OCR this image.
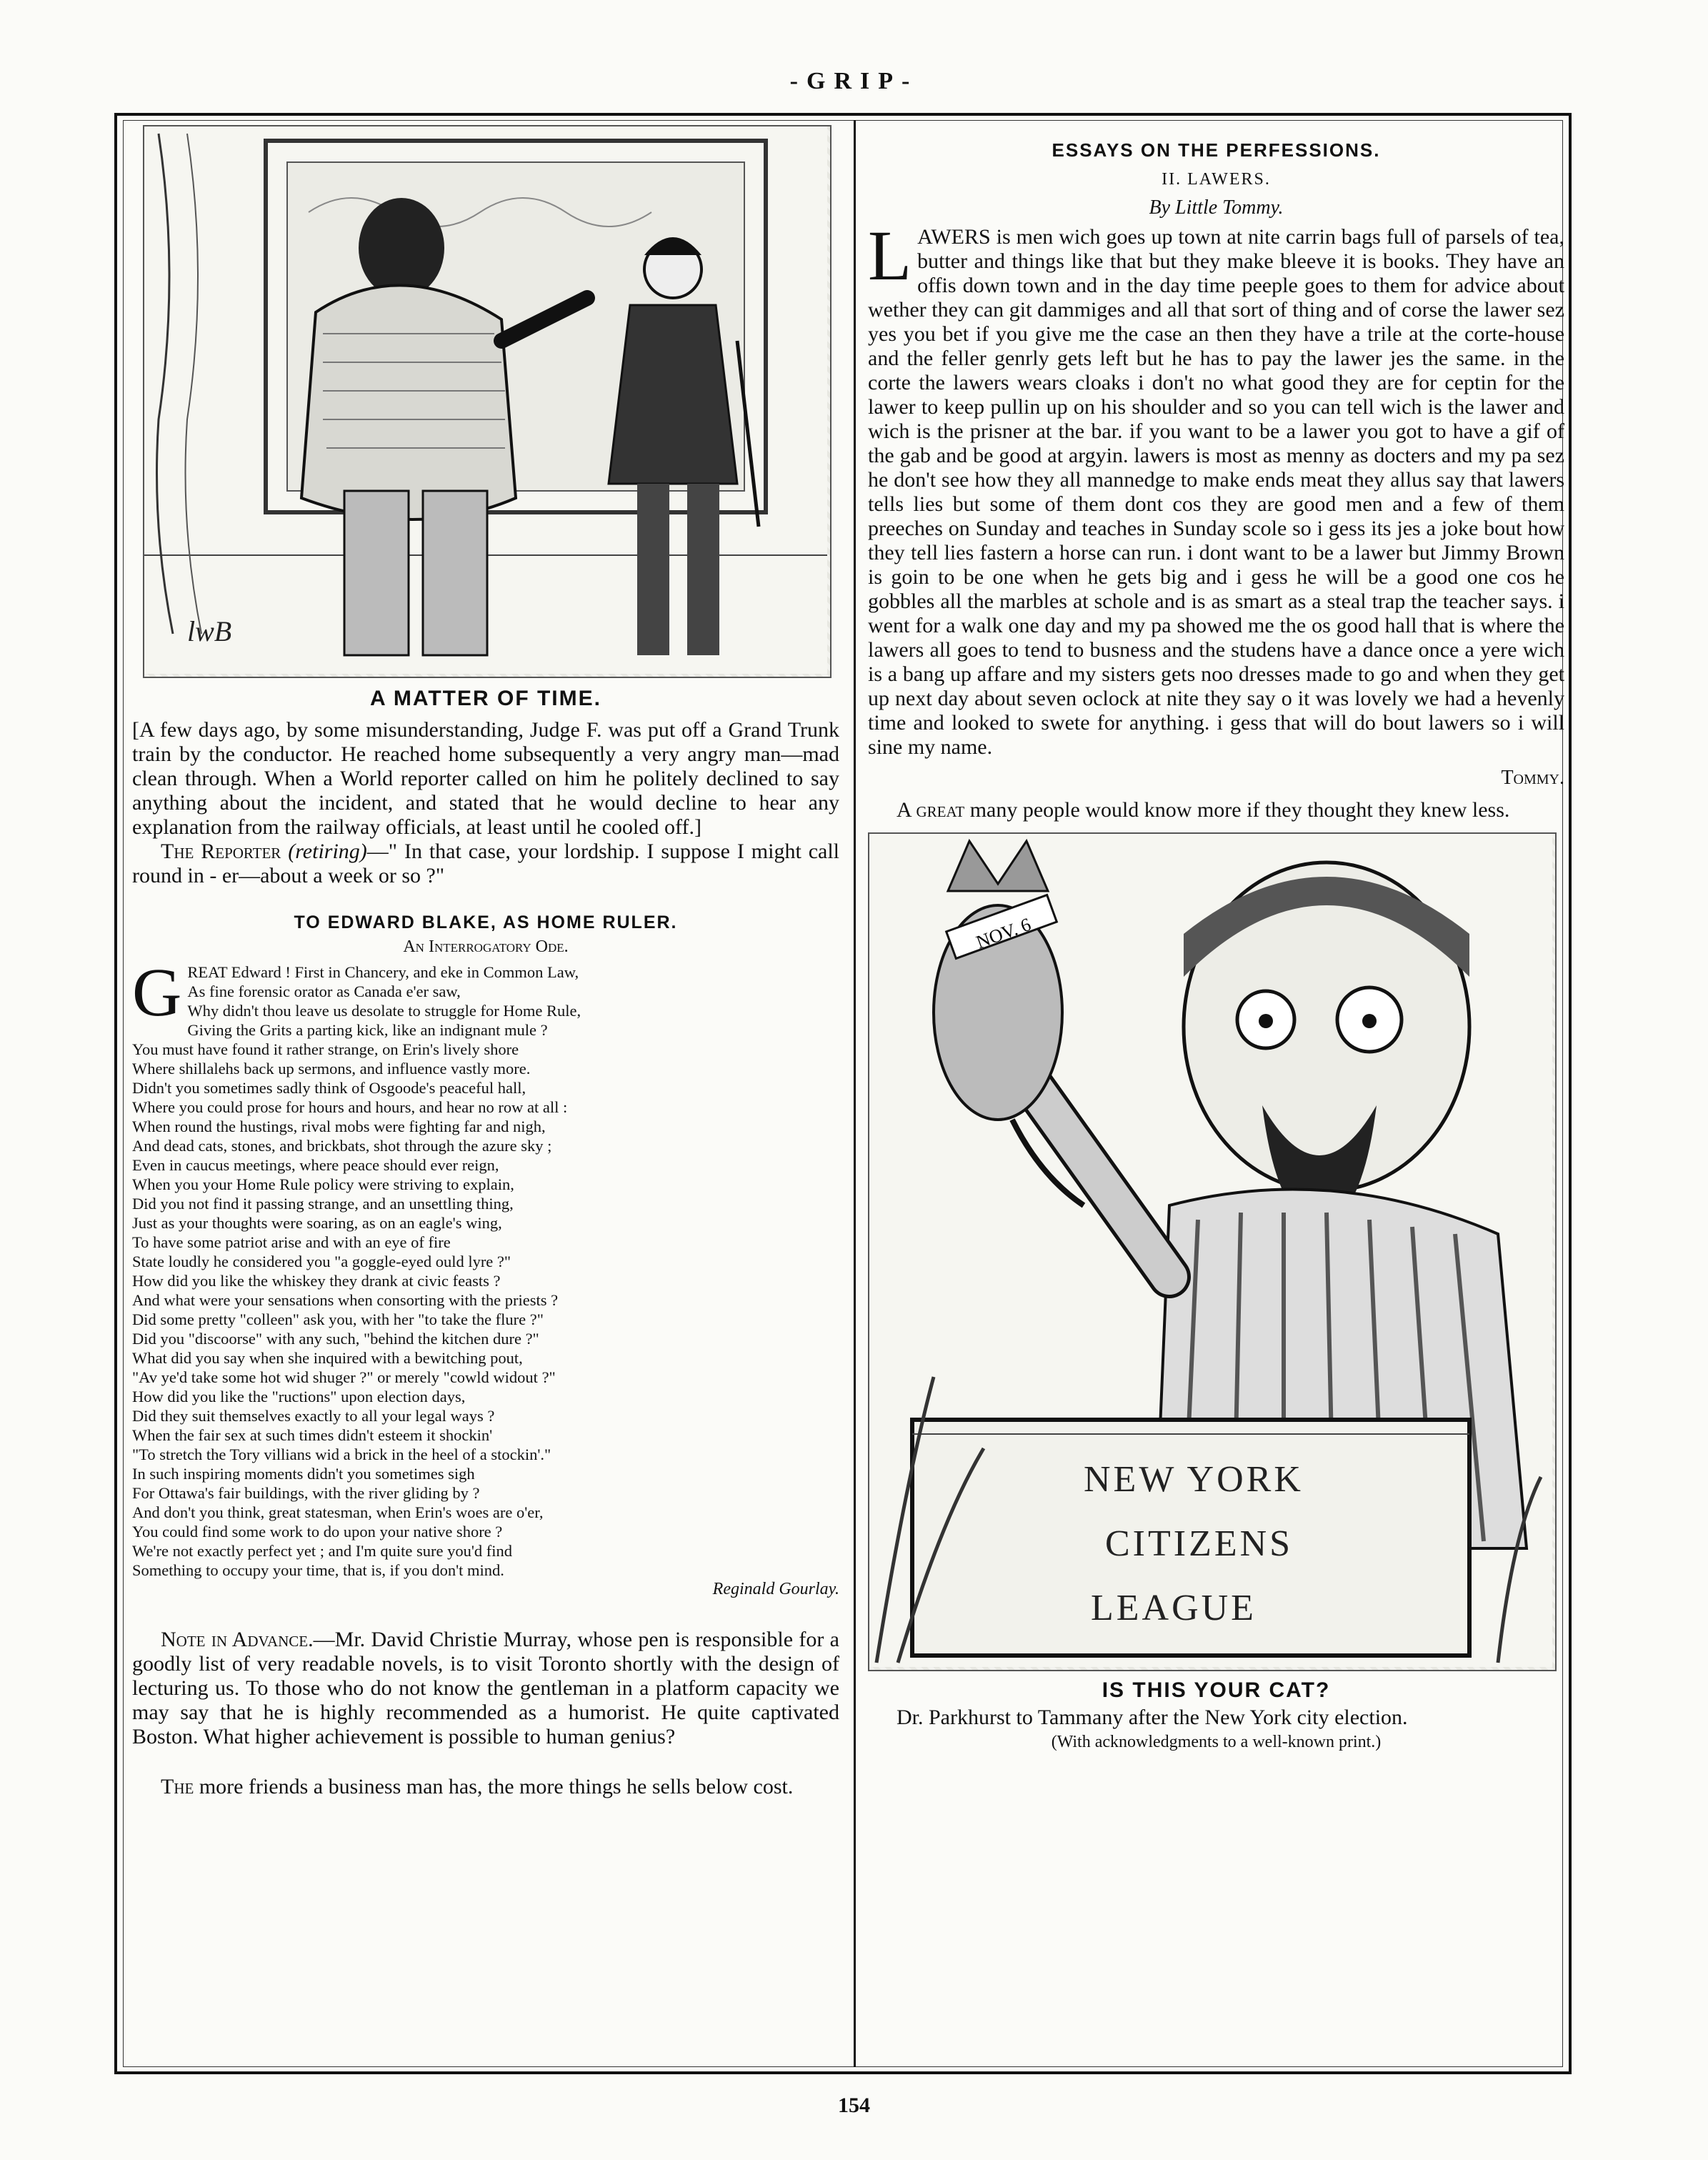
-GRIP-
lwB
A MATTER OF TIME.

[A few days ago, by some misunderstanding, Judge F. was put off a Grand Trunk train by the conductor. He reached home subsequently a very angry man—mad clean through. When a World reporter called on him he politely declined to say anything about the incident, and stated that he would decline to hear any explanation from the railway officials, at least until he cooled off.]

The Reporter (retiring)—" In that case, your lordship. I suppose I might call round in - er—about a week or so ?"

TO EDWARD BLAKE, AS HOME RULER.
An Interrogatory Ode.
G REAT Edward ! First in Chancery, and eke in Common Law,
As fine forensic orator as Canada e'er saw,
Why didn't thou leave us desolate to struggle for Home Rule,
Giving the Grits a parting kick, like an indignant mule ?
You must have found it rather strange, on Erin's lively shore
Where shillalehs back up sermons, and influence vastly more.
Didn't you sometimes sadly think of Osgoode's peaceful hall,
Where you could prose for hours and hours, and hear no row at all :
When round the hustings, rival mobs were fighting far and nigh,
And dead cats, stones, and brickbats, shot through the azure sky ;
Even in caucus meetings, where peace should ever reign,
When you your Home Rule policy were striving to explain,
Did you not find it passing strange, and an unsettling thing,
Just as your thoughts were soaring, as on an eagle's wing,
To have some patriot arise and with an eye of fire
State loudly he considered you "a goggle-eyed ould lyre ?"
How did you like the whiskey they drank at civic feasts ?
And what were your sensations when consorting with the priests ?
Did some pretty "colleen" ask you, with her "to take the flure ?"
Did you "discoorse" with any such, "behind the kitchen dure ?"
What did you say when she inquired with a bewitching pout,
"Av ye'd take some hot wid shuger ?" or merely "cowld widout ?"
How did you like the "ructions" upon election days,
Did they suit themselves exactly to all your legal ways ?
When the fair sex at such times didn't esteem it shockin'
"To stretch the Tory villians wid a brick in the heel of a stockin'."
In such inspiring moments didn't you sometimes sigh
For Ottawa's fair buildings, with the river gliding by ?
And don't you think, great statesman, when Erin's woes are o'er,
You could find some work to do upon your native shore ?
We're not exactly perfect yet ; and I'm quite sure you'd find
Something to occupy your time, that is, if you don't mind.
Reginald Gourlay.

Note in Advance.—Mr. David Christie Murray, whose pen is responsible for a goodly list of very readable novels, is to visit Toronto shortly with the design of lecturing us. To those who do not know the gentleman in a platform capacity we may say that he is highly recommended as a humorist. He quite captivated Boston. What higher achievement is possible to human genius?

The more friends a business man has, the more things he sells below cost.

ESSAYS ON THE PERFESSIONS.
II. LAWERS.
By Little Tommy.

LAWERS is men wich goes up town at nite carrin bags full of parsels of tea, butter and things like that but they make bleeve it is books. They have an offis down town and in the day time peeple goes to them for advice about wether they can git dammiges and all that sort of thing and of corse the lawer sez yes you bet if you give me the case an then they have a trile at the corte-house and the feller genrly gets left but he has to pay the lawer jes the same. in the corte the lawers wears cloaks i don't no what good they are for ceptin for the lawer to keep pullin up on his shoulder and so you can tell wich is the lawer and wich is the prisner at the bar. if you want to be a lawer you got to have a gif of the gab and be good at argyin. lawers is most as menny as docters and my pa sez he don't see how they all mannedge to make ends meat they allus say that lawers tells lies but some of them dont cos they are good men and a few of them preeches on Sunday and teaches in Sunday scole so i gess its jes a joke bout how they tell lies fastern a horse can run. i dont want to be a lawer but Jimmy Brown is goin to be one when he gets big and i gess he will be a good one cos he gobbles all the marbles at schole and is as smart as a steal trap the teacher says. i went for a walk one day and my pa showed me the os good hall that is where the lawers all goes to tend to busness and the studens have a dance once a yere wich is a bang up affare and my sisters gets noo dresses made to go and when they get up next day about seven oclock at nite they say o it was lovely we had a hevenly time and looked to swete for anything. i gess that will do bout lawers so i will sine my name.

Tommy.

A great many people would know more if they thought they knew less.

NOV. 6
NEW YORK
CITIZENS
LEAGUE
IS THIS YOUR CAT?

Dr. Parkhurst to Tammany after the New York city election.

(With acknowledgments to a well-known print.)
154
